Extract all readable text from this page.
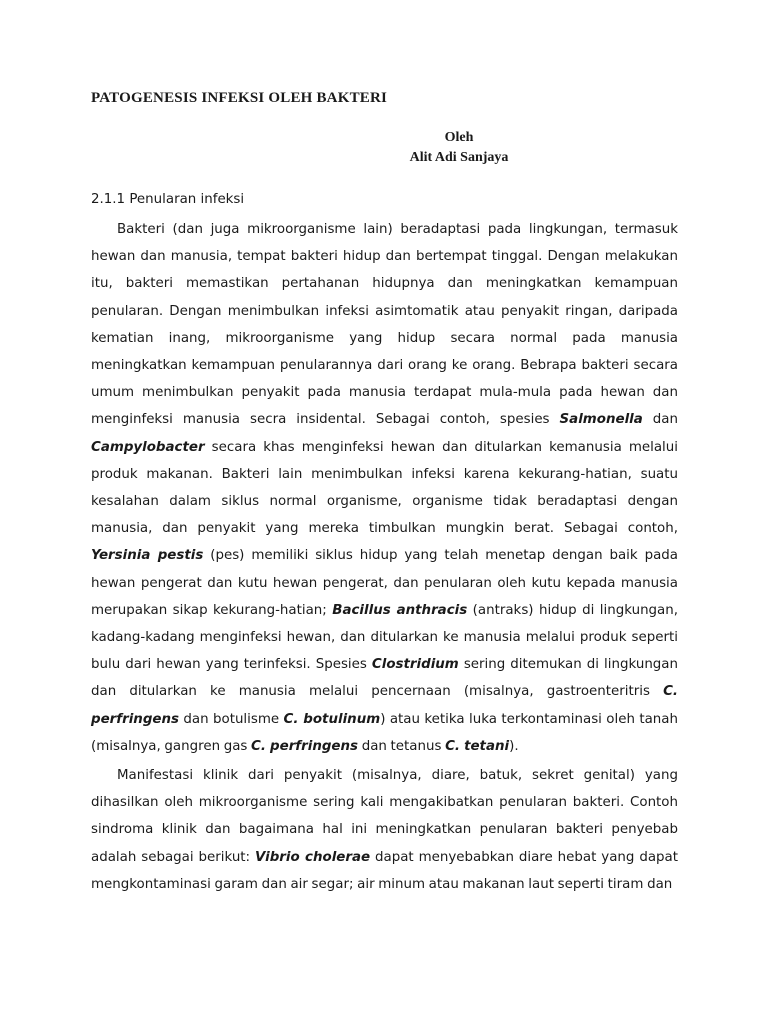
PATOGENESIS INFEKSI OLEH BAKTERI
Oleh
Alit Adi Sanjaya

2.1.1 Penularan infeksi

Bakteri (dan juga mikroorganisme lain) beradaptasi pada lingkungan, termasuk hewan dan manusia, tempat bakteri hidup dan bertempat tinggal. Dengan melakukan itu, bakteri memastikan pertahanan hidupnya dan meningkatkan kemampuan penularan. Dengan menimbulkan infeksi asimtomatik atau penyakit ringan, daripada kematian inang, mikroorganisme yang hidup secara normal pada manusia meningkatkan kemampuan penularannya dari orang ke orang. Bebrapa bakteri secara umum menimbulkan penyakit pada manusia terdapat mula-mula pada hewan dan menginfeksi manusia secra insidental. Sebagai contoh, spesies Salmonella dan Campylobacter secara khas menginfeksi hewan dan ditularkan kemanusia melalui produk makanan. Bakteri lain menimbulkan infeksi karena kekurang-hatian, suatu kesalahan dalam siklus normal organisme, organisme tidak beradaptasi dengan manusia, dan penyakit yang mereka timbulkan mungkin berat. Sebagai contoh, Yersinia pestis (pes) memiliki siklus hidup yang telah menetap dengan baik pada hewan pengerat dan kutu hewan pengerat, dan penularan oleh kutu kepada manusia merupakan sikap kekurang-hatian; Bacillus anthracis (antraks) hidup di lingkungan, kadang-kadang menginfeksi hewan, dan ditularkan ke manusia melalui produk seperti bulu dari hewan yang terinfeksi. Spesies Clostridium sering ditemukan di lingkungan dan ditularkan ke manusia melalui pencernaan (misalnya, gastroenteritris C. perfringens dan botulisme C. botulinum) atau ketika luka terkontaminasi oleh tanah (misalnya, gangren gas C. perfringens dan tetanus C. tetani).

Manifestasi klinik dari penyakit (misalnya, diare, batuk, sekret genital) yang dihasilkan oleh mikroorganisme sering kali mengakibatkan penularan bakteri. Contoh sindroma klinik dan bagaimana hal ini meningkatkan penularan bakteri penyebab adalah sebagai berikut: Vibrio cholerae dapat menyebabkan diare hebat yang dapat mengkontaminasi garam dan air segar; air minum atau makanan laut seperti tiram dan
